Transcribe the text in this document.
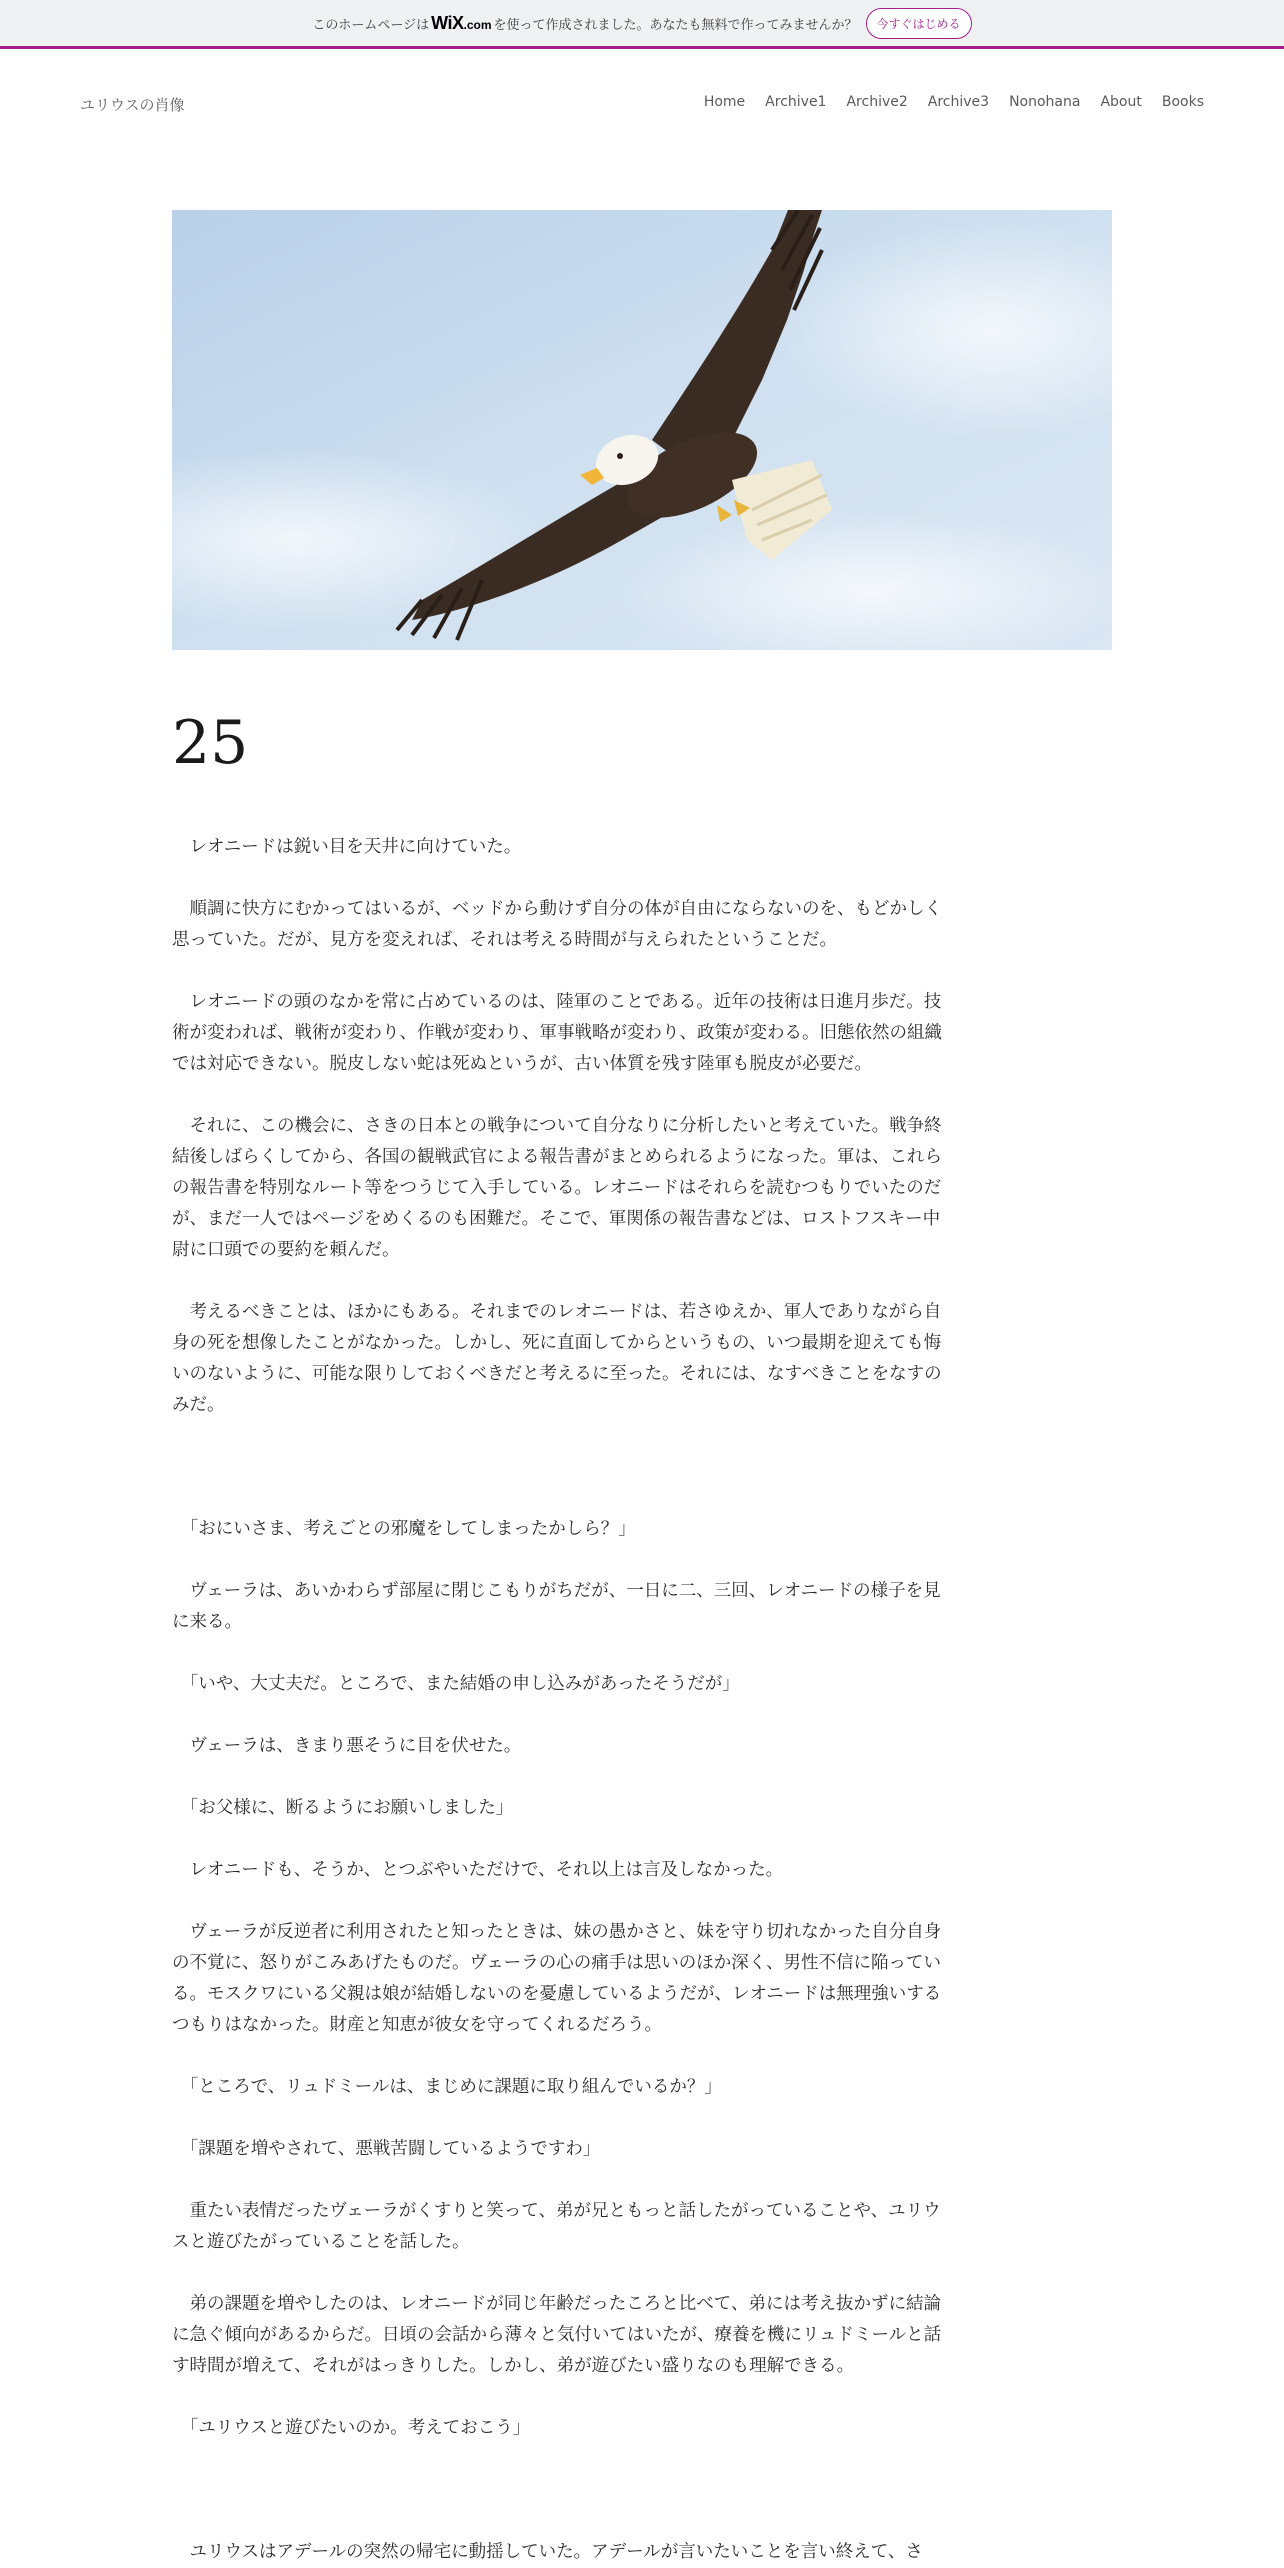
このホームページは WiX.com を使って作成されました。あなたも無料で作ってみませんか？	今すぐはじめる
ユリウスの肖像	Home Archive1 Archive2 Archive3 Nonohana About Books
25

　レオニードは鋭い目を天井に向けていた。

　順調に快方にむかってはいるが、ベッドから動けず自分の体が自由にならないのを、もどかしく思っていた。だが、見方を変えれば、それは考える時間が与えられたということだ。

　レオニードの頭のなかを常に占めているのは、陸軍のことである。近年の技術は日進月歩だ。技術が変われば、戦術が変わり、作戦が変わり、軍事戦略が変わり、政策が変わる。旧態依然の組織では対応できない。脱皮しない蛇は死ぬというが、古い体質を残す陸軍も脱皮が必要だ。

　それに、この機会に、さきの日本との戦争について自分なりに分析したいと考えていた。戦争終結後しばらくしてから、各国の観戦武官による報告書がまとめられるようになった。軍は、これらの報告書を特別なルート等をつうじて入手している。レオニードはそれらを読むつもりでいたのだが、まだ一人ではページをめくるのも困難だ。そこで、軍関係の報告書などは、ロストフスキー中尉に口頭での要約を頼んだ。

　考えるべきことは、ほかにもある。それまでのレオニードは、若さゆえか、軍人でありながら自身の死を想像したことがなかった。しかし、死に直面してからというもの、いつ最期を迎えても悔いのないように、可能な限りしておくべきだと考えるに至った。それには、なすべきことをなすのみだ。

　「おにいさま、考えごとの邪魔をしてしまったかしら？」

　ヴェーラは、あいかわらず部屋に閉じこもりがちだが、一日に二、三回、レオニードの様子を見に来る。

　「いや、大丈夫だ。ところで、また結婚の申し込みがあったそうだが」

　ヴェーラは、きまり悪そうに目を伏せた。

　「お父様に、断るようにお願いしました」

　レオニードも、そうか、とつぶやいただけで、それ以上は言及しなかった。

　ヴェーラが反逆者に利用されたと知ったときは、妹の愚かさと、妹を守り切れなかった自分自身の不覚に、怒りがこみあげたものだ。ヴェーラの心の痛手は思いのほか深く、男性不信に陥っている。モスクワにいる父親は娘が結婚しないのを憂慮しているようだが、レオニードは無理強いするつもりはなかった。財産と知恵が彼女を守ってくれるだろう。

　「ところで、リュドミールは、まじめに課題に取り組んでいるか？」

　「課題を増やされて、悪戦苦闘しているようですわ」

　重たい表情だったヴェーラがくすりと笑って、弟が兄ともっと話したがっていることや、ユリウスと遊びたがっていることを話した。

　弟の課題を増やしたのは、レオニードが同じ年齢だったころと比べて、弟には考え抜かずに結論に急ぐ傾向があるからだ。日頃の会話から薄々と気付いてはいたが、療養を機にリュドミールと話す時間が増えて、それがはっきりした。しかし、弟が遊びたい盛りなのも理解できる。

　「ユリウスと遊びたいのか。考えておこう」

　ユリウスはアデールの突然の帰宅に動揺していた。アデールが言いたいことを言い終えて、さ
